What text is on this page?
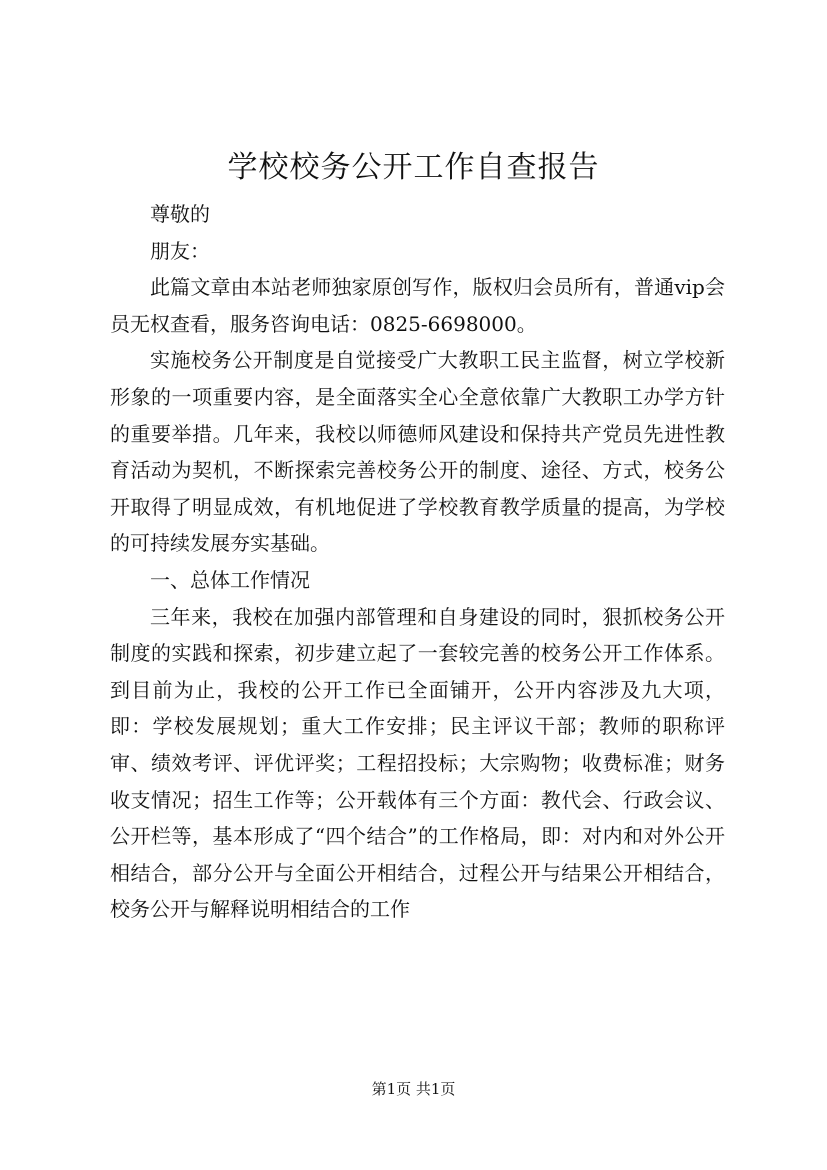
学校校务公开工作自查报告

尊敬的

朋友：

此篇文章由本站老师独家原创写作，版权归会员所有，普通vip会员无权查看，服务咨询电话：0825-6698000。

实施校务公开制度是自觉接受广大教职工民主监督，树立学校新形象的一项重要内容，是全面落实全心全意依靠广大教职工办学方针的重要举措。几年来，我校以师德师风建设和保持共产党员先进性教育活动为契机，不断探索完善校务公开的制度、途径、方式，校务公开取得了明显成效，有机地促进了学校教育教学质量的提高，为学校的可持续发展夯实基础。

一、总体工作情况

三年来，我校在加强内部管理和自身建设的同时，狠抓校务公开制度的实践和探索，初步建立起了一套较完善的校务公开工作体系。到目前为止，我校的公开工作已全面铺开，公开内容涉及九大项，即：学校发展规划；重大工作安排；民主评议干部；教师的职称评审、绩效考评、评优评奖；工程招投标；大宗购物；收费标准；财务收支情况；招生工作等；公开载体有三个方面：教代会、行政会议、公开栏等，基本形成了“四个结合”的工作格局，即：对内和对外公开相结合，部分公开与全面公开相结合，过程公开与结果公开相结合，校务公开与解释说明相结合的工作

第1页 共1页
